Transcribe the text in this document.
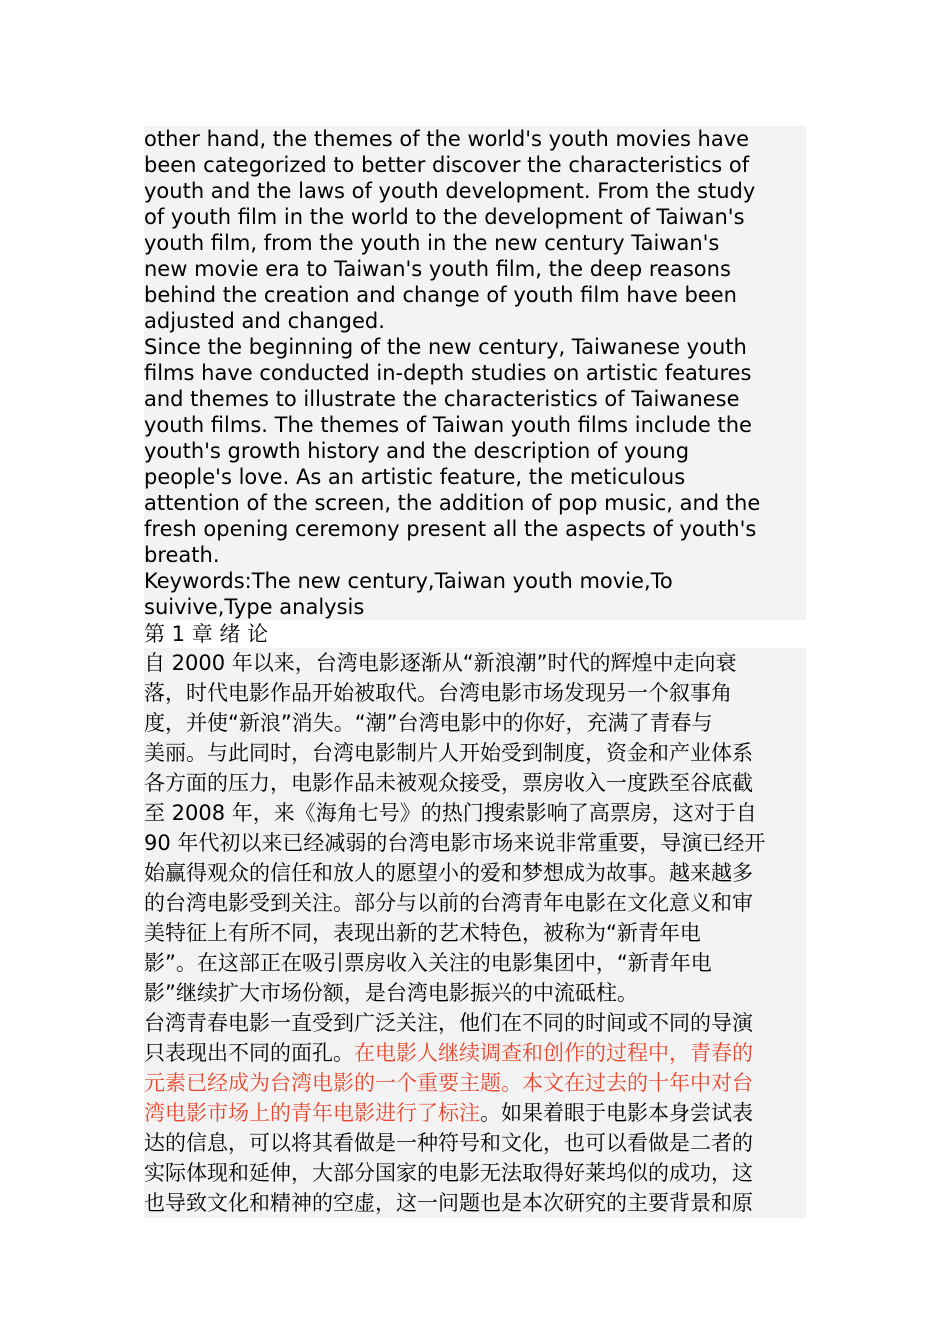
other hand, the themes of the world's youth movies have
been categorized to better discover the characteristics of
youth and the laws of youth development. From the study
of youth film in the world to the development of Taiwan's
youth film, from the youth in the new century Taiwan's
new movie era to Taiwan's youth film, the deep reasons
behind the creation and change of youth film have been
adjusted and changed.
Since the beginning of the new century, Taiwanese youth
films have conducted in-depth studies on artistic features
and themes to illustrate the characteristics of Taiwanese
youth films. The themes of Taiwan youth films include the
youth's growth history and the description of young
people's love. As an artistic feature, the meticulous
attention of the screen, the addition of pop music, and the
fresh opening ceremony present all the aspects of youth's
breath.
Keywords:The new century,Taiwan youth movie,To
suivive,Type analysis
第 1 章 绪 论
自 2000 年以来，台湾电影逐渐从“新浪潮”时代的辉煌中走向衰
落，时代电影作品开始被取代。台湾电影市场发现另一个叙事角
度，并使“新浪”消失。“潮”台湾电影中的你好，充满了青春与
美丽。与此同时，台湾电影制片人开始受到制度，资金和产业体系
各方面的压力，电影作品未被观众接受，票房收入一度跌至谷底截
至 2008 年，来《海角七号》的热门搜索影响了高票房，这对于自
90 年代初以来已经减弱的台湾电影市场来说非常重要，导演已经开
始赢得观众的信任和放人的愿望小的爱和梦想成为故事。越来越多
的台湾电影受到关注。部分与以前的台湾青年电影在文化意义和审
美特征上有所不同，表现出新的艺术特色，被称为“新青年电
影”。在这部正在吸引票房收入关注的电影集团中，“新青年电
影”继续扩大市场份额，是台湾电影振兴的中流砥柱。
台湾青春电影一直受到广泛关注，他们在不同的时间或不同的导演
只表现出不同的面孔。在电影人继续调查和创作的过程中，青春的
元素已经成为台湾电影的一个重要主题。本文在过去的十年中对台
湾电影市场上的青年电影进行了标注。如果着眼于电影本身尝试表
达的信息，可以将其看做是一种符号和文化，也可以看做是二者的
实际体现和延伸，大部分国家的电影无法取得好莱坞似的成功，这
也导致文化和精神的空虚，这一问题也是本次研究的主要背景和原
